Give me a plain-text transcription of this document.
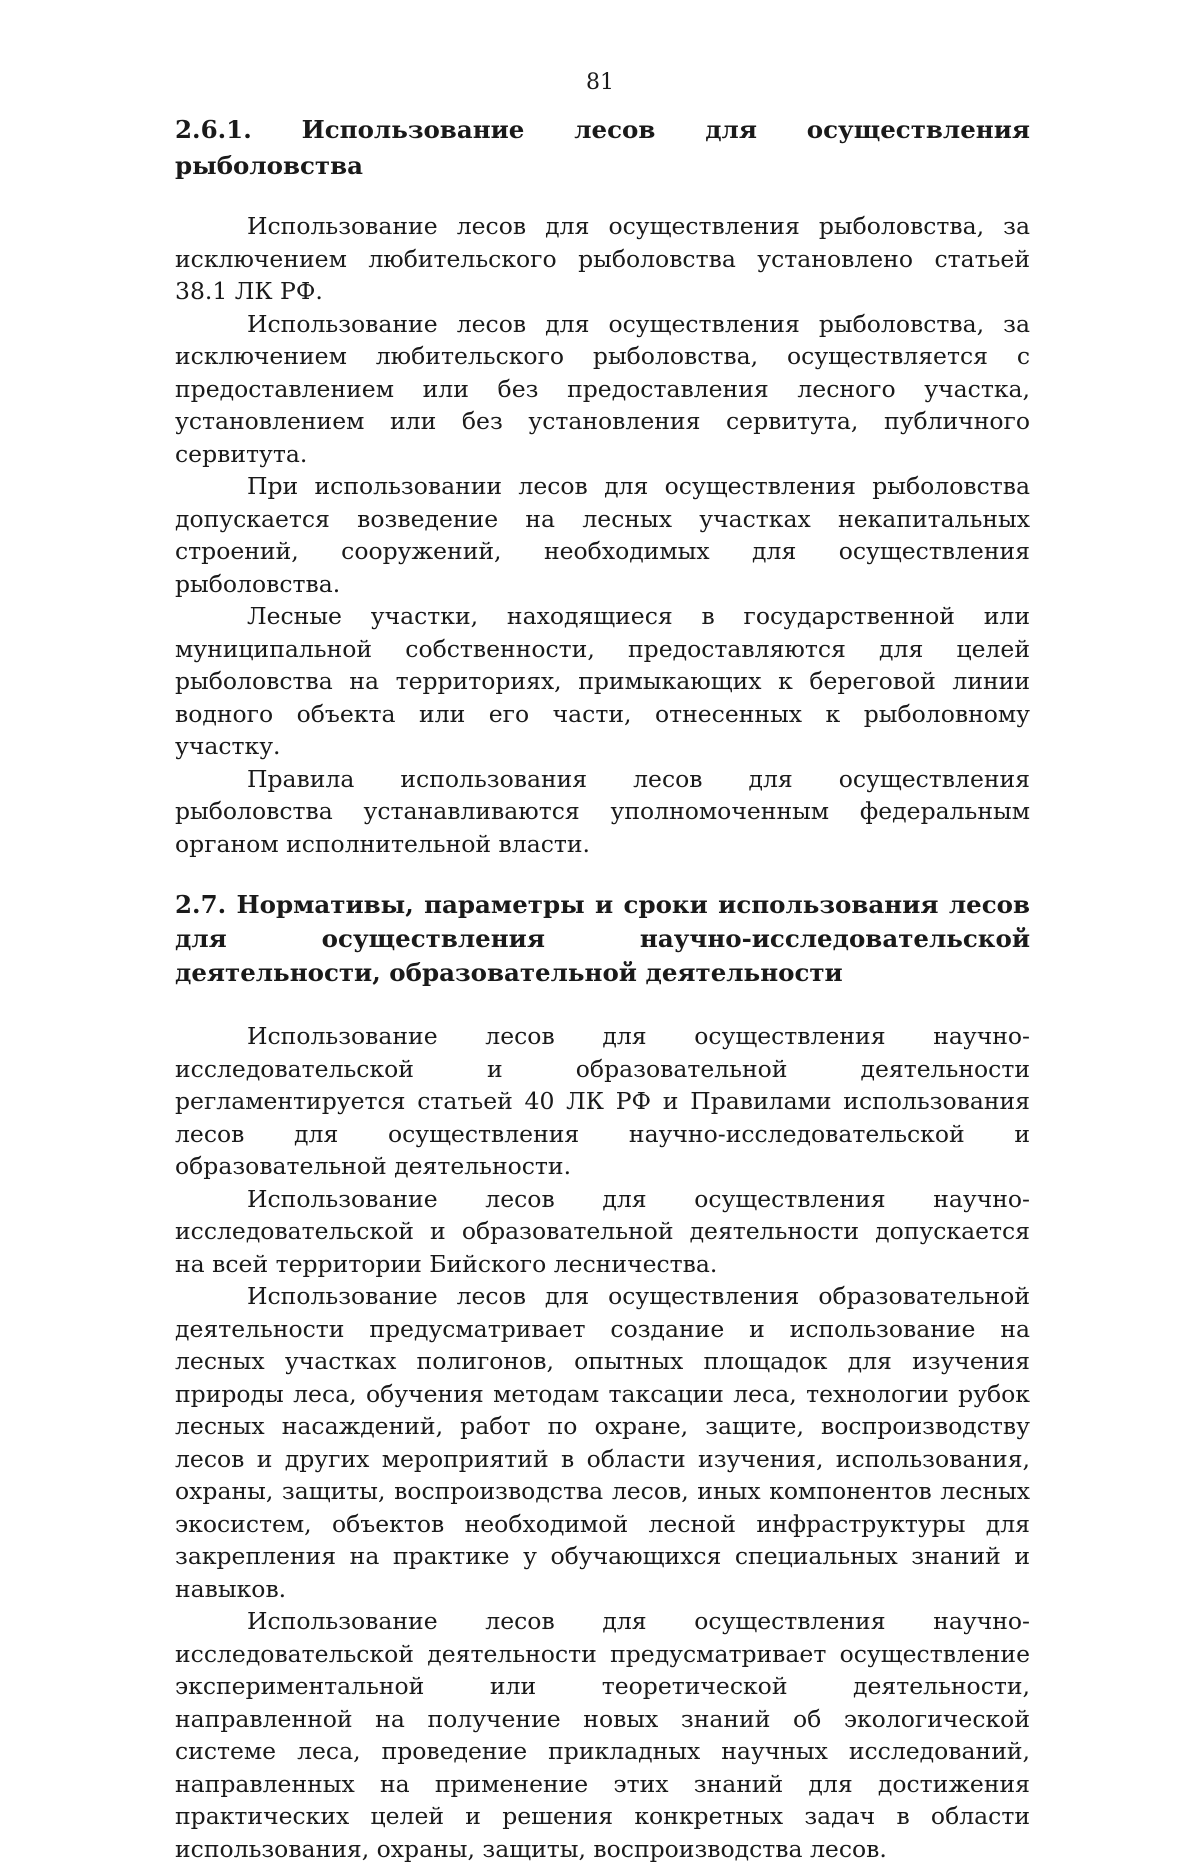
81
2.6.1. Использование лесов для осуществления рыболовства

Использование лесов для осуществления рыболовства, за исключением любительского рыболовства установлено статьей 38.1 ЛК РФ.

Использование лесов для осуществления рыболовства, за исключением любительского рыболовства, осуществляется с предоставлением или без предоставления лесного участка, установлением или без установления сервитута, публичного сервитута.

При использовании лесов для осуществления рыболовства допускается возведение на лесных участках некапитальных строений, сооружений, необходимых для осуществления рыболовства.

Лесные участки, находящиеся в государственной или муниципальной собственности, предоставляются для целей рыболовства на территориях, примыкающих к береговой линии водного объекта или его части, отнесенных к рыболовному участку.

Правила использования лесов для осуществления рыболовства устанавливаются уполномоченным федеральным органом исполнительной власти.

2.7. Нормативы, параметры и сроки использования лесов для осуществления научно-исследовательской деятельности, образовательной деятельности

Использование лесов для осуществления научно-исследовательской и образовательной деятельности регламентируется статьей 40 ЛК РФ и Правилами использования лесов для осуществления научно-исследовательской и образовательной деятельности.

Использование лесов для осуществления научно-исследовательской и образовательной деятельности допускается на всей территории Бийского лесничества.

Использование лесов для осуществления образовательной деятельности предусматривает создание и использование на лесных участках полигонов, опытных площадок для изучения природы леса, обучения методам таксации леса, технологии рубок лесных насаждений, работ по охране, защите, воспроизводству лесов и других мероприятий в области изучения, использования, охраны, защиты, воспроизводства лесов, иных компонентов лесных экосистем, объектов необходимой лесной инфраструктуры для закрепления на практике у обучающихся специальных знаний и навыков.

Использование лесов для осуществления научно-исследовательской деятельности предусматривает осуществление экспериментальной или теоретической деятельности, направленной на получение новых знаний об экологической системе леса, проведение прикладных научных исследований, направленных на применение этих знаний для достижения практических целей и решения конкретных задач в области использования, охраны, защиты, воспроизводства лесов.
